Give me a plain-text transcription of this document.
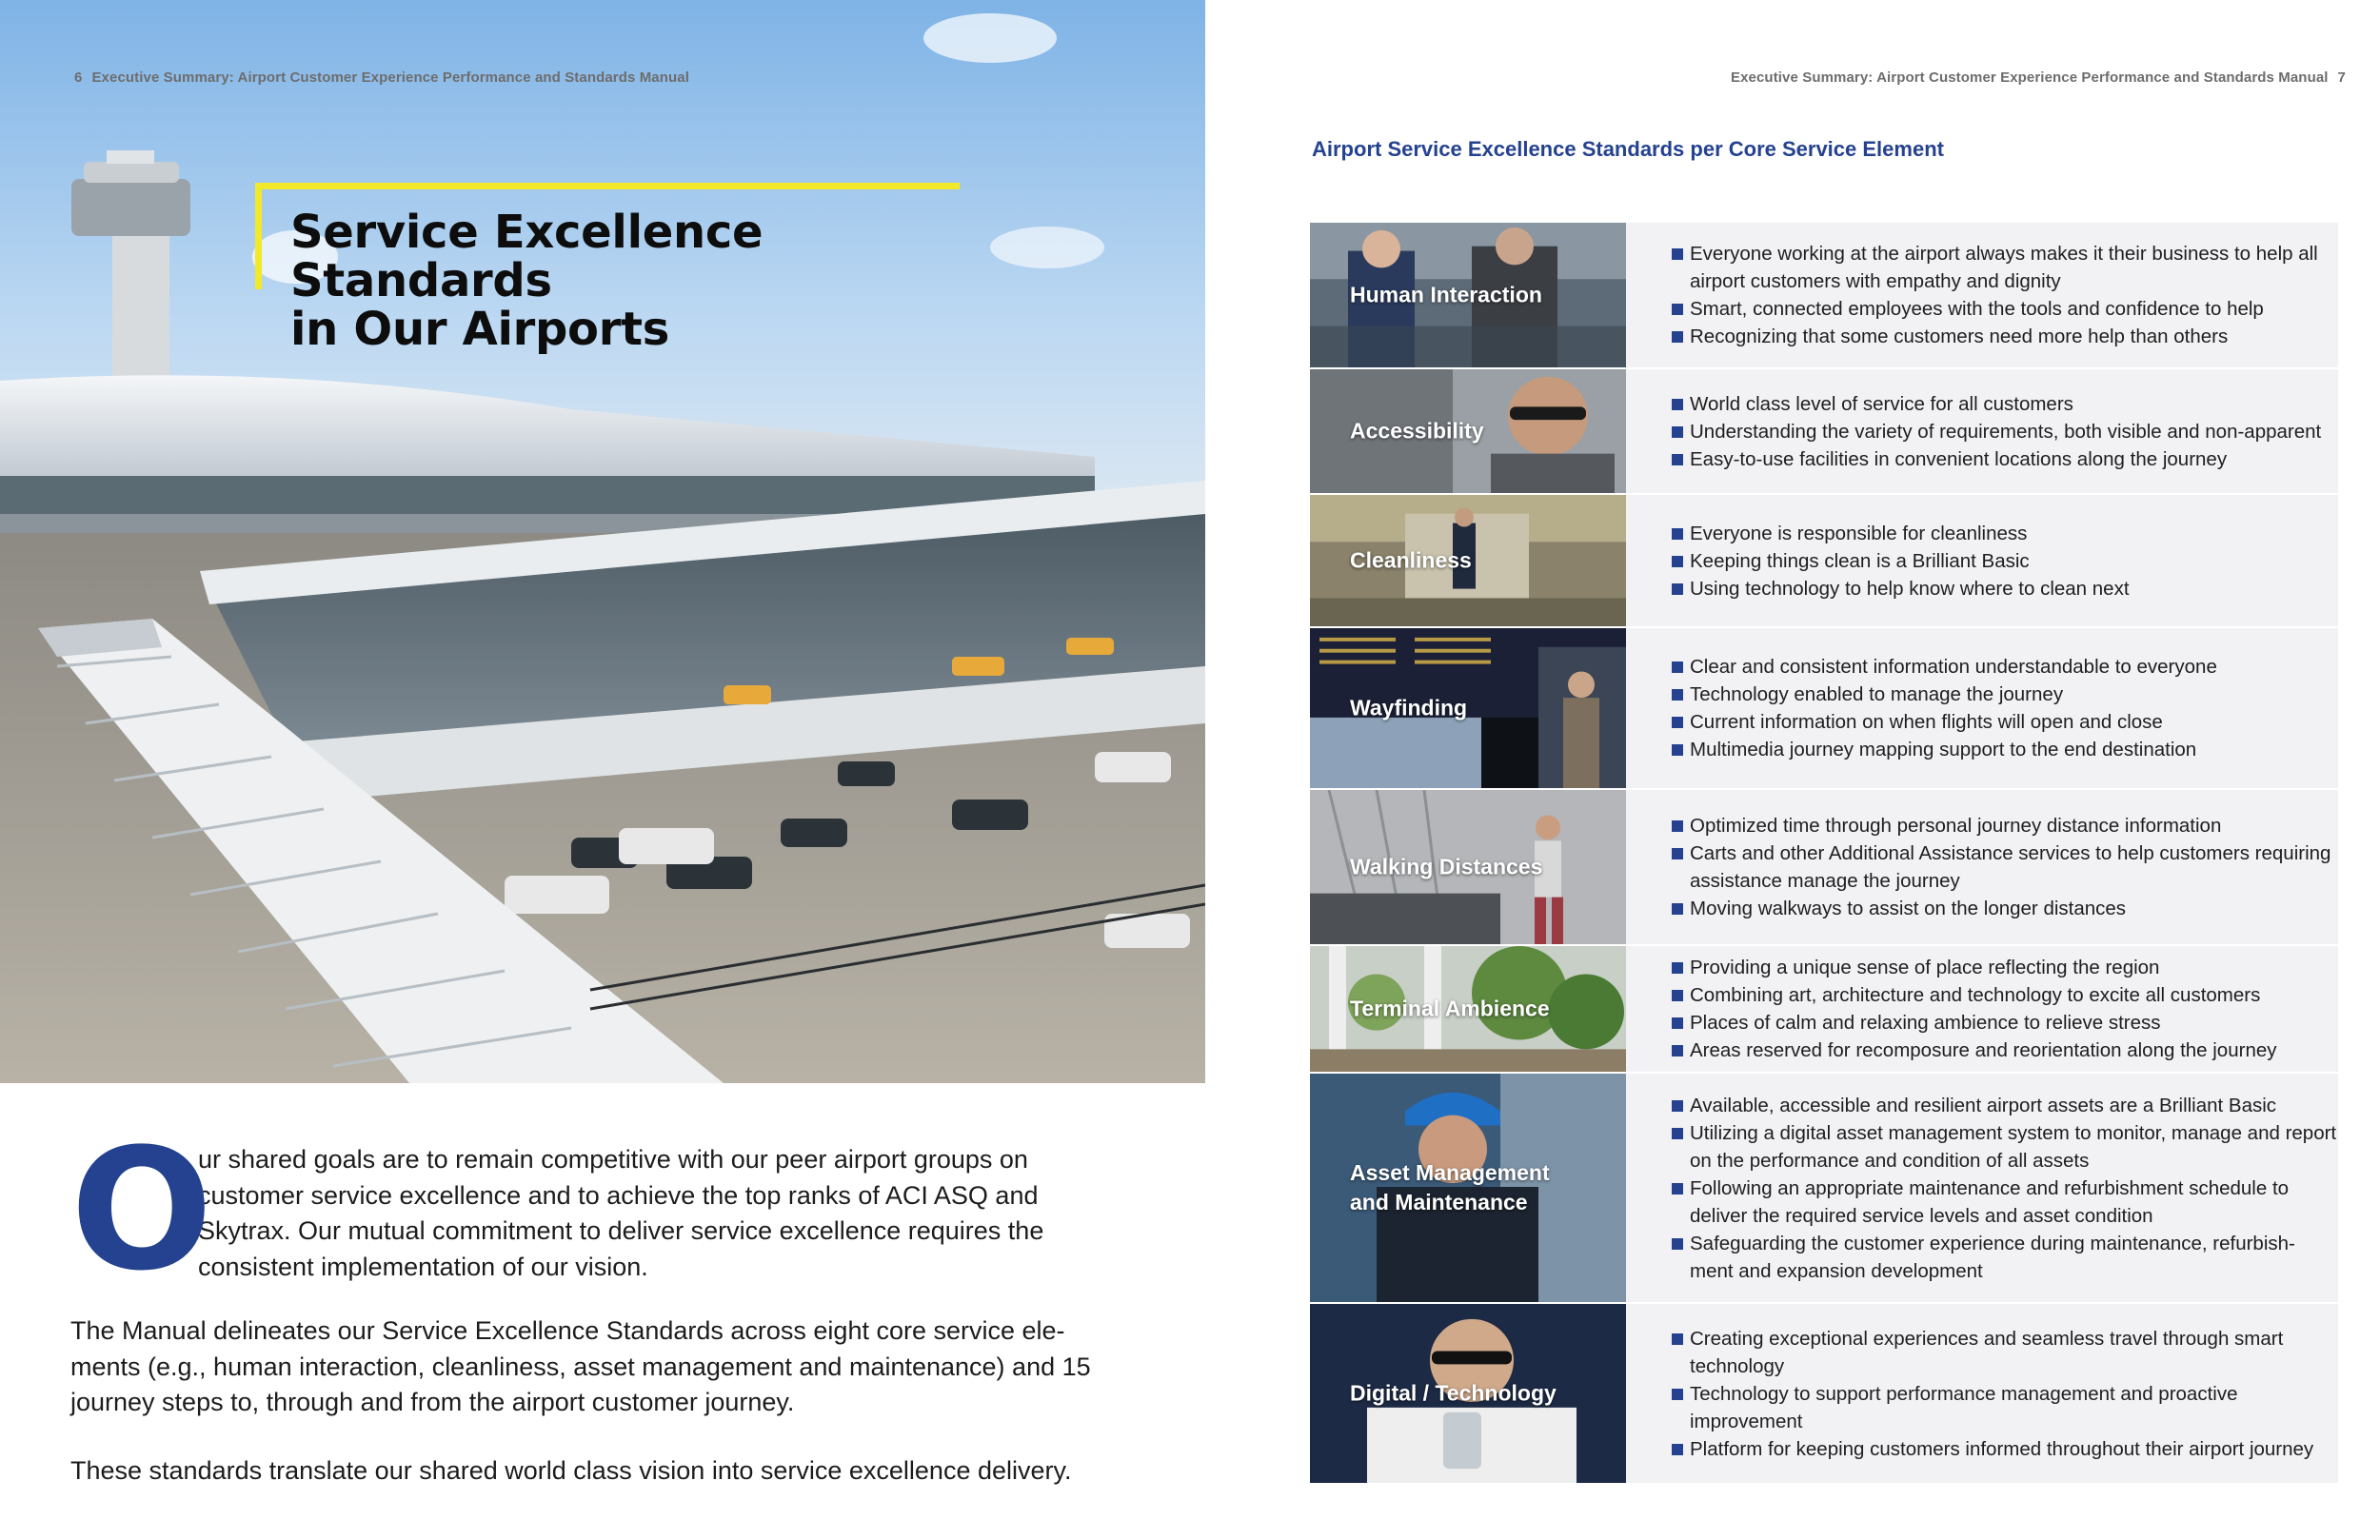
6 Executive Summary: Airport Customer Experience Performance and Standards Manual
Service Excellence Standards
in Our Airports
O

ur shared goals are to remain competitive with our peer airport groups on customer service excellence and to achieve the top ranks of ACI ASQ and Skytrax. Our mutual commitment to deliver service excellence requires the consistent implementation of our vision.

The Manual delineates our Service Excellence Standards across eight core service ele-ments (e.g., human interaction, cleanliness, asset management and maintenance) and 15 journey steps to, through and from the airport customer journey.

These standards translate our shared world class vision into service excellence delivery.

Executive Summary: Airport Customer Experience Performance and Standards Manual 7
Airport Service Excellence Standards per Core Service Element
Human Interaction
Everyone working at the airport always makes it their business to help all airport customers with empathy and dignity
Smart, connected employees with the tools and confidence to help
Recognizing that some customers need more help than others
Accessibility
World class level of service for all customers
Understanding the variety of requirements, both visible and non-apparent
Easy-to-use facilities in convenient locations along the journey
Cleanliness
Everyone is responsible for cleanliness
Keeping things clean is a Brilliant Basic
Using technology to help know where to clean next
Wayfinding
Clear and consistent information understandable to everyone
Technology enabled to manage the journey
Current information on when flights will open and close
Multimedia journey mapping support to the end destination
Walking Distances
Optimized time through personal journey distance information
Carts and other Additional Assistance services to help customers requiring assistance manage the journey
Moving walkways to assist on the longer distances
Terminal Ambience
Providing a unique sense of place reflecting the region
Combining art, architecture and technology to excite all customers
Places of calm and relaxing ambience to relieve stress
Areas reserved for recomposure and reorientation along the journey
Asset Management
and Maintenance
Available, accessible and resilient airport assets are a Brilliant Basic
Utilizing a digital asset management system to monitor, manage and report on the performance and condition of all assets
Following an appropriate maintenance and refurbishment schedule to deliver the required service levels and asset condition
Safeguarding the customer experience during maintenance, refurbish-ment and expansion development
Digital / Technology
Creating exceptional experiences and seamless travel through smart technology
Technology to support performance management and proactive improvement
Platform for keeping customers informed throughout their airport journey
